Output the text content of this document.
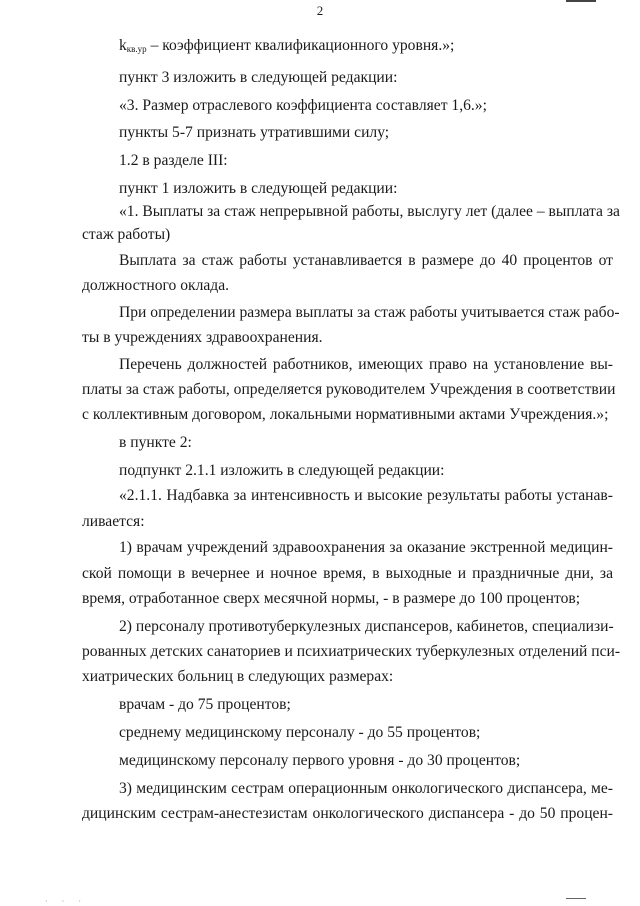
2
$k_{кв.ур}$ – коэффициент квалификационного уровня.»;
пункт 3 изложить в следующей редакции:
«3. Размер отраслевого коэффициента составляет 1,6.»;
пункты 5-7 признать утратившими силу;
1.2 в разделе III:
пункт 1 изложить в следующей редакции:
«1. Выплаты за стаж непрерывной работы, выслугу лет (далее – выплата за
стаж работы)
Выплата за стаж работы устанавливается в размере до 40 процентов от
должностного оклада.
При определении размера выплаты за стаж работы учитывается стаж рабо-
ты в учреждениях здравоохранения.
Перечень должностей работников, имеющих право на установление вы-
платы за стаж работы, определяется руководителем Учреждения в соответствии
с коллективным договором, локальными нормативными актами Учреждения.»;
в пункте 2:
подпункт 2.1.1 изложить в следующей редакции:
«2.1.1. Надбавка за интенсивность и высокие результаты работы устанав-
ливается:
1) врачам учреждений здравоохранения за оказание экстренной медицин-
ской помощи в вечернее и ночное время, в выходные и праздничные дни, за
время, отработанное сверх месячной нормы, - в размере до 100 процентов;
2) персоналу противотуберкулезных диспансеров, кабинетов, специализи-
рованных детских санаториев и психиатрических туберкулезных отделений пси-
хиатрических больниц в следующих размерах:
врачам - до 75 процентов;
среднему медицинскому персоналу - до 55 процентов;
медицинскому персоналу первого уровня - до 30 процентов;
3) медицинским сестрам операционным онкологического диспансера, ме-
дицинским сестрам-анестезистам онкологического диспансера - до 50 процен-
· · ·
